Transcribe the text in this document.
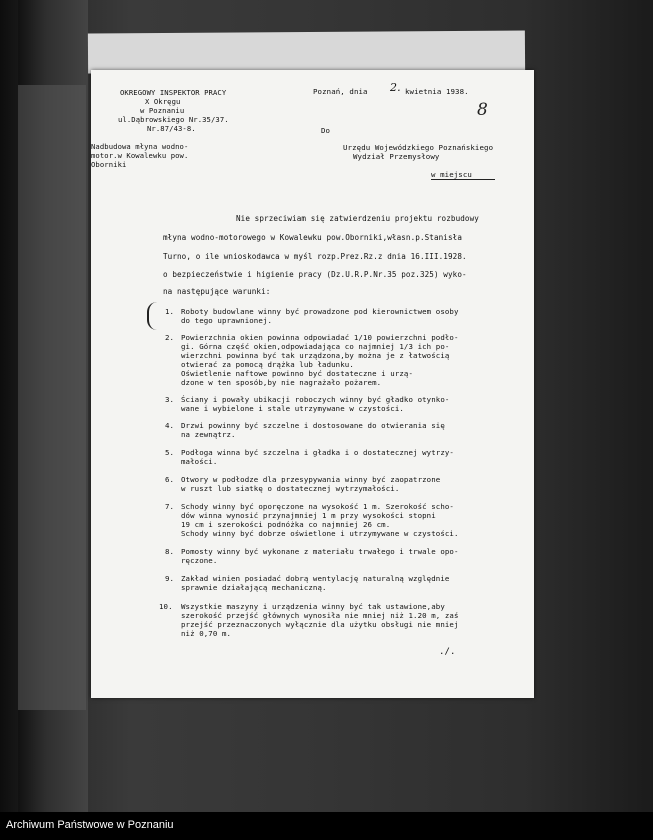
OKREGOWY INSPEKTOR PRACY
X Okręgu
w Poznaniu
ul.Dąbrowskiego Nr.35/37.
Nr.87/43-8.
Poznań, dnia 2. kwietnia 1938.
8
Do
Urzędu Wojewódzkiego Poznańskiego
Wydział Przemysłowy
w miejscu
Nadbudowa młyna wodno-
motor.w Kowalewku pow.
Oborniki
Nie sprzeciwiam się zatwierdzeniu projektu rozbudowy
młyna wodno-motorowego w Kowalewku pow.Oborniki,własn.p.Stanisła
Turno, o ile wnioskodawca w myśl rozp.Prez.Rz.z dnia 16.III.1928.
o bezpieczeństwie i higienie pracy (Dz.U.R.P.Nr.35 poz.325) wyko-
na następujące warunki:
1. Roboty budowlane winny być prowadzone pod kierownictwem osoby
do tego uprawnionej.
2. Powierzchnia okien powinna odpowiadać 1/10 powierzchni podło-
gi. Górna część okien,odpowiadająca co najmniej 1/3 ich po-
wierzchni powinna być tak urządzona,by można je z łatwością
otwierać za pomocą drążka lub ładunku.
Oświetlenie naftowe powinno być dostateczne i urzą-
dzone w ten sposób,by nie nagrażało pożarem.
3. Ściany i powały ubikacji roboczych winny być gładko otynko-
wane i wybielone i stale utrzymywane w czystości.
4. Drzwi powinny być szczelne i dostosowane do otwierania się
na zewnątrz.
5. Podłoga winna być szczelna i gładka i o dostatecznej wytrzy-
małości.
6. Otwory w podłodze dla przesypywania winny być zaopatrzone
w ruszt lub siatkę o dostatecznej wytrzymałości.
7. Schody winny być oporęczone na wysokość 1 m. Szerokość scho-
dów winna wynosić przynajmniej 1 m przy wysokości stopni
19 cm i szerokości podnóżka co najmniej 26 cm.
Schody winny być dobrze oświetlone i utrzymywane w czystości.
8. Pomosty winny być wykonane z materiału trwałego i trwale opo-
ręczone.
9. Zakład winien posiadać dobrą wentylację naturalną względnie
sprawnie działającą mechaniczną.
10. Wszystkie maszyny i urządzenia winny być tak ustawione,aby
szerokość przejść głównych wynosiła nie mniej niż 1.20 m, zaś
przejść przeznaczonych wyłącznie dla użytku obsługi nie mniej
niż 0,70 m.
./.
Archiwum Państwowe w Poznaniu
